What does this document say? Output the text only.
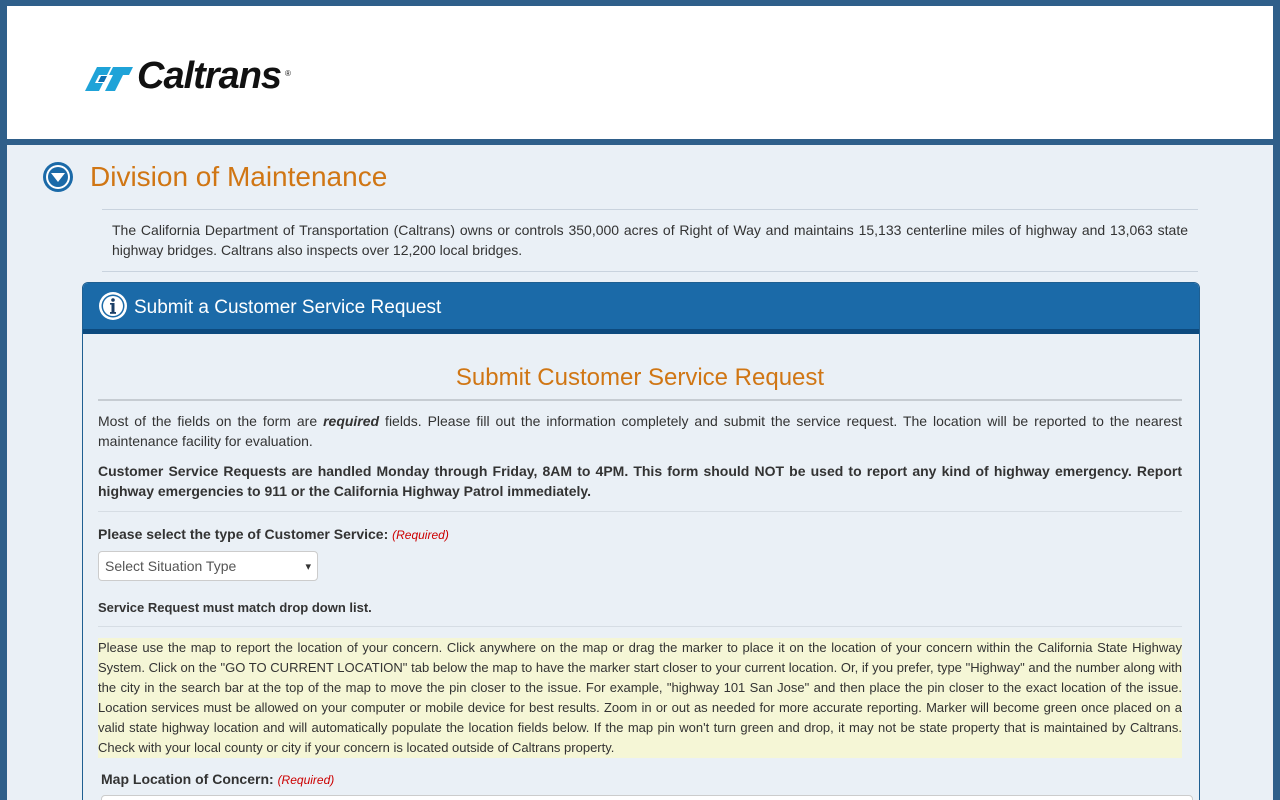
Caltrans ®
Division of Maintenance
The California Department of Transportation (Caltrans) owns or controls 350,000 acres of Right of Way and maintains 15,133 centerline miles of highway and 13,063 state highway bridges. Caltrans also inspects over 12,200 local bridges.
Submit a Customer Service Request
Submit Customer Service Request

Most of the fields on the form are required fields. Please fill out the information completely and submit the service request. The location will be reported to the nearest maintenance facility for evaluation.

Customer Service Requests are handled Monday through Friday, 8AM to 4PM. This form should NOT be used to report any kind of highway emergency. Report highway emergencies to 911 or the California Highway Patrol immediately.

Please select the type of Customer Service: (Required)
Select Situation Type	▾
Service Request must match drop down list.
Please use the map to report the location of your concern. Click anywhere on the map or drag the marker to place it on the location of your concern within the California State Highway System. Click on the "GO TO CURRENT LOCATION" tab below the map to have the marker start closer to your current location. Or, if you prefer, type "Highway" and the number along with the city in the search bar at the top of the map to move the pin closer to the issue. For example, "highway 101 San Jose" and then place the pin closer to the exact location of the issue. Location services must be allowed on your computer or mobile device for best results. Zoom in or out as needed for more accurate reporting. Marker will become green once placed on a valid state highway location and will automatically populate the location fields below. If the map pin won't turn green and drop, it may not be state property that is maintained by Caltrans. Check with your local county or city if your concern is located outside of Caltrans property.
Map Location of Concern: (Required)
